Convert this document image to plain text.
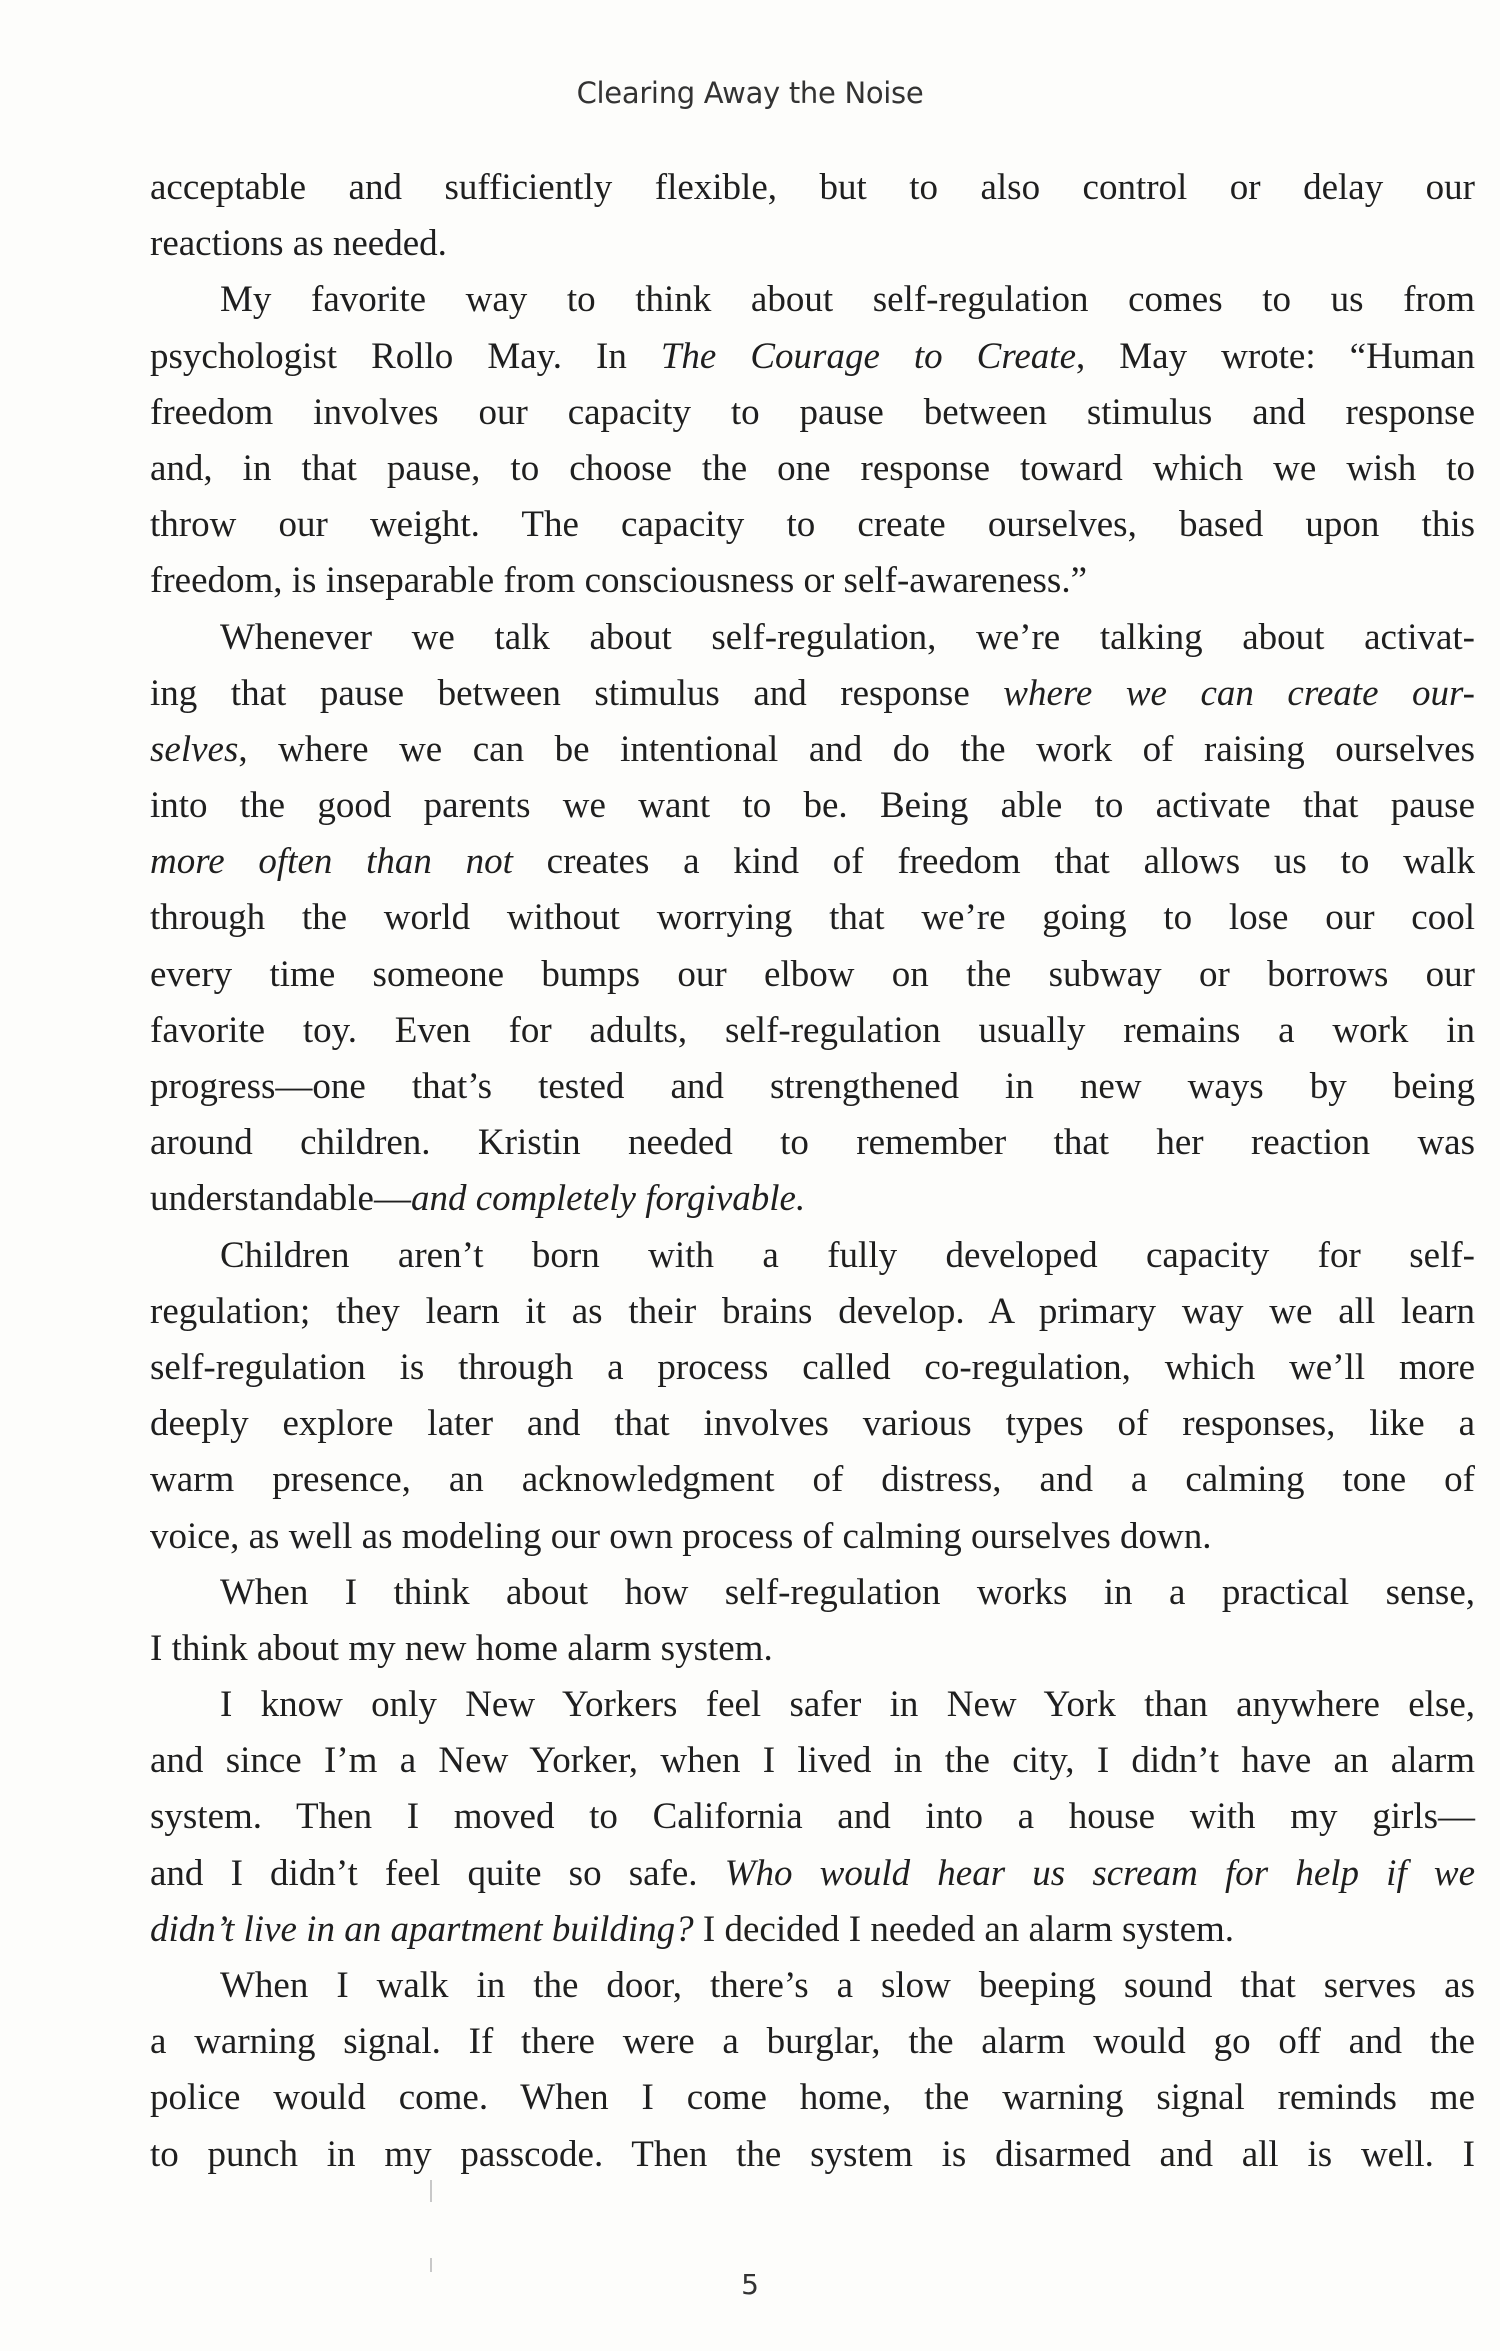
Clearing Away the Noise
acceptable and sufficiently flexible, but to also control or delay our
reactions as needed.
My favorite way to think about self-regulation comes to us from
psychologist Rollo May. In The Courage to Create, May wrote: “Human
freedom involves our capacity to pause between stimulus and response
and, in that pause, to choose the one response toward which we wish to
throw our weight. The capacity to create ourselves, based upon this
freedom, is inseparable from consciousness or self-awareness.”
Whenever we talk about self-regulation, we’re talking about activat-
ing that pause between stimulus and response where we can create our-
selves, where we can be intentional and do the work of raising ourselves
into the good parents we want to be. Being able to activate that pause
more often than not creates a kind of freedom that allows us to walk
through the world without worrying that we’re going to lose our cool
every time someone bumps our elbow on the subway or borrows our
favorite toy. Even for adults, self-regulation usually remains a work in
progress—one that’s tested and strengthened in new ways by being
around children. Kristin needed to remember that her reaction was
understandable—and completely forgivable.
Children aren’t born with a fully developed capacity for self-
regulation; they learn it as their brains develop. A primary way we all learn
self-regulation is through a process called co-regulation, which we’ll more
deeply explore later and that involves various types of responses, like a
warm presence, an acknowledgment of distress, and a calming tone of
voice, as well as modeling our own process of calming ourselves down.
When I think about how self-regulation works in a practical sense,
I think about my new home alarm system.
I know only New Yorkers feel safer in New York than anywhere else,
and since I’m a New Yorker, when I lived in the city, I didn’t have an alarm
system. Then I moved to California and into a house with my girls—
and I didn’t feel quite so safe. Who would hear us scream for help if we
didn’t live in an apartment building? I decided I needed an alarm system.
When I walk in the door, there’s a slow beeping sound that serves as
a warning signal. If there were a burglar, the alarm would go off and the
police would come. When I come home, the warning signal reminds me
to punch in my passcode. Then the system is disarmed and all is well. I
5
